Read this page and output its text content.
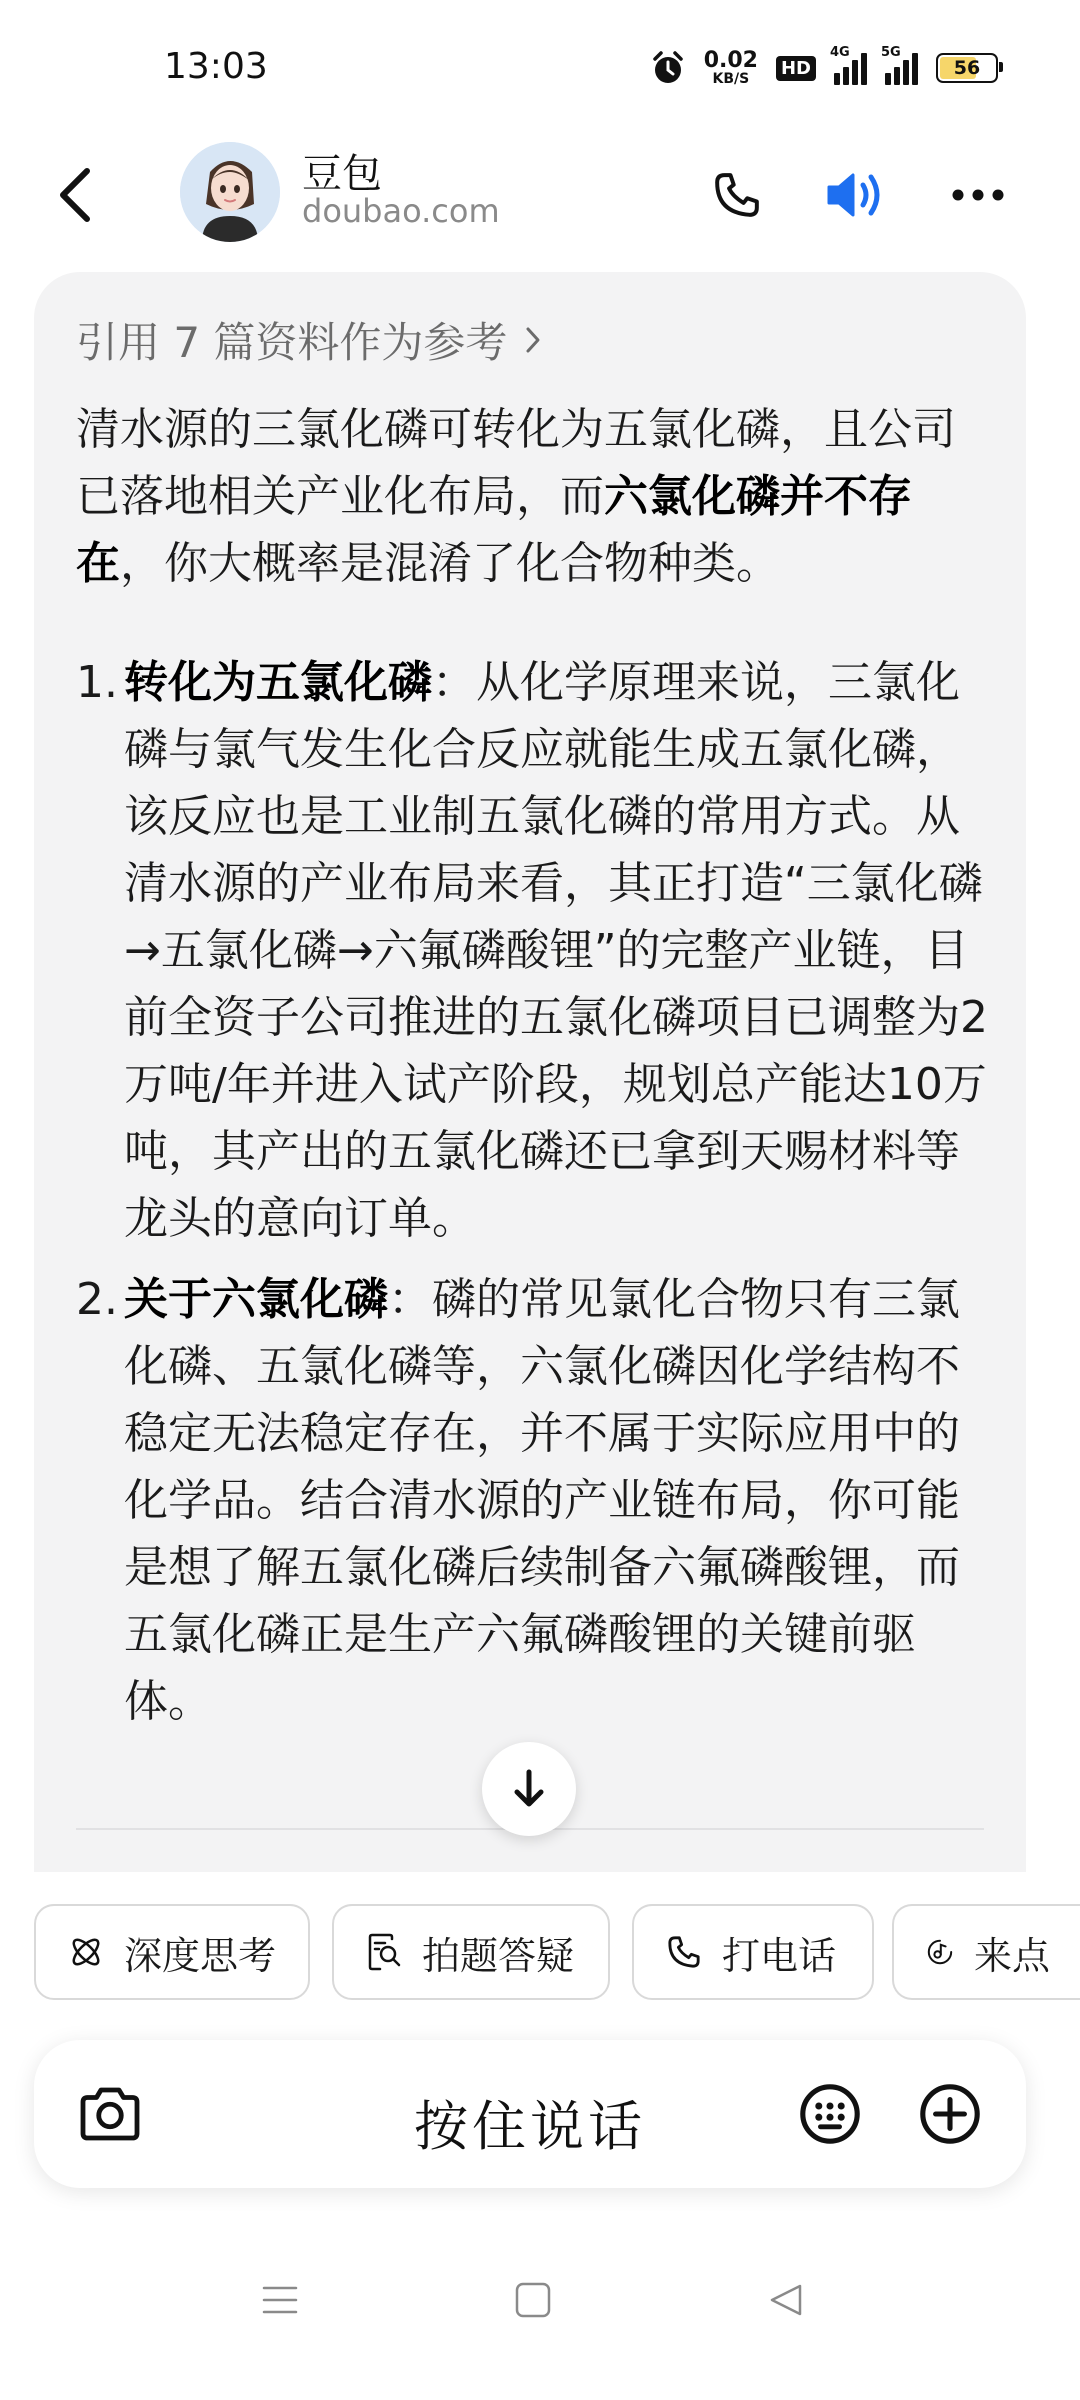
13:03	0.02
KB/S
HD
4G 5G
56
豆包
doubao.com
引用 7 篇资料作为参考

清水源的三氯化磷可转化为五氯化磷，且公司已落地相关产业化布局，而六氯化磷并不存在，你大概率是混淆了化合物种类。

1. 转化为五氯化磷：从化学原理来说，三氯化磷与氯气发生化合反应就能生成五氯化磷，该反应也是工业制五氯化磷的常用方式。从清水源的产业布局来看，其正打造“三氯化磷→五氯化磷→六氟磷酸锂”的完整产业链，目前全资子公司推进的五氯化磷项目已调整为2万吨/年并进入试产阶段，规划总产能达10万吨，其产出的五氯化磷还已拿到天赐材料等龙头的意向订单。
2. 关于六氯化磷：磷的常见氯化合物只有三氯化磷、五氯化磷等，六氯化磷因化学结构不稳定无法稳定存在，并不属于实际应用中的化学品。结合清水源的产业链布局，你可能是想了解五氯化磷后续制备六氟磷酸锂，而五氯化磷正是生产六氟磷酸锂的关键前驱体。
深度思考	拍题答疑	打电话	来点
按住说话
